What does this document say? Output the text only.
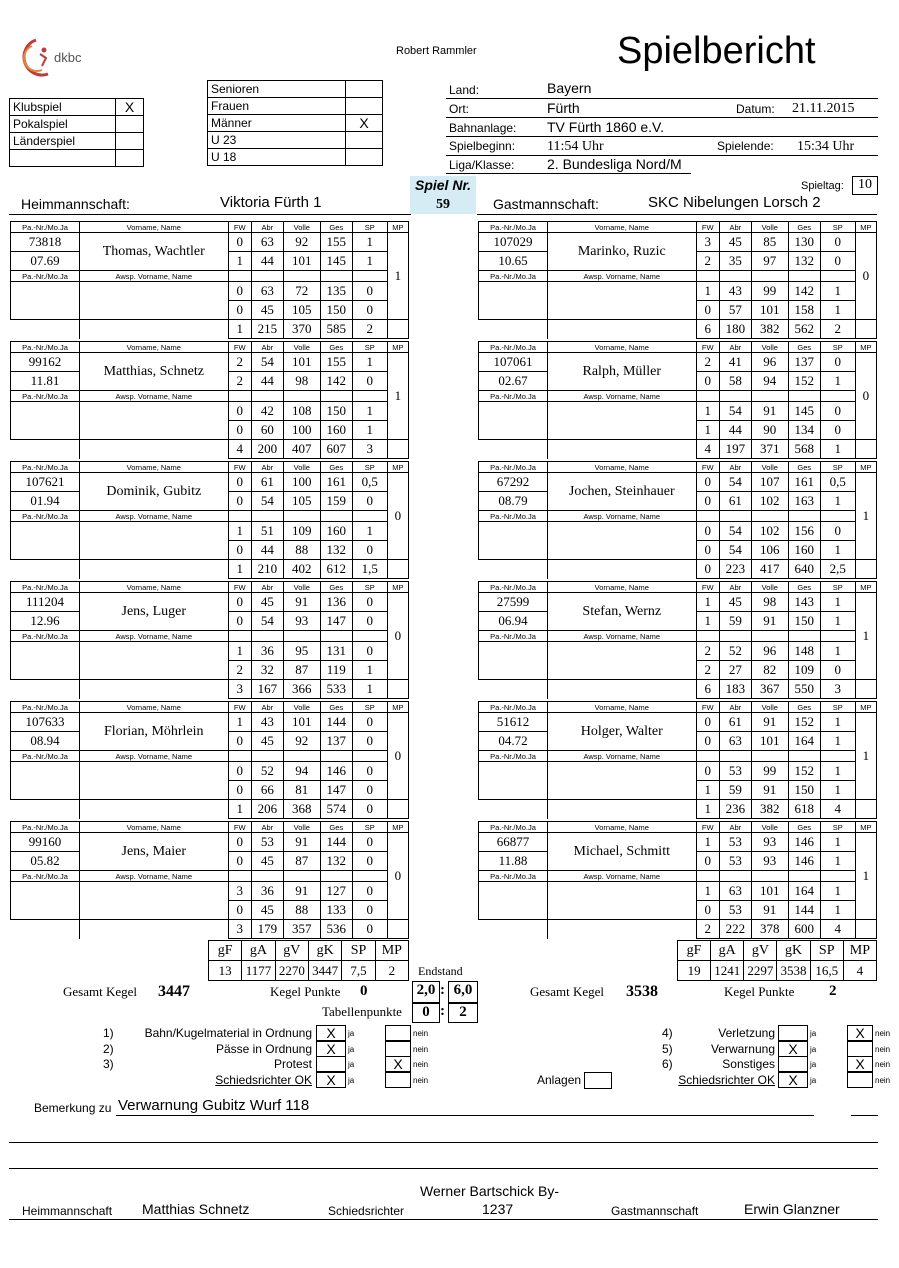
dkbc	Robert Rammler	Spielbericht
Klubspiel	X
Pokalspiel	
Länderspiel	

Senioren	
Frauen	
Männer	X
U 23	
U 18	
Land:	Bayern
Ort:	Fürth	Datum: 21.11.2015
Bahnanlage: TV Fürth 1860 e.V.
Spielbeginn: 11:54 Uhr	Spielende: 15:34 Uhr
Liga/Klasse: 2. Bundesliga Nord/M
Spieltag:	10
Heimmannschaft:	Viktoria Fürth 1
Spiel Nr.
59	Gastmannschaft:	SKC Nibelungen Lorsch 2
Pa.-Nr./Mo.Ja	Vorname, Name	FW	Abr	Volle	Ges	SP	MP
73818	Thomas, Wachtler	0	63	92	155	1	1
07.69		1	44	101	145	1	
Pa.-Nr./Mo.Ja	Awsp. Vorname, Name						
		0	63	72	135	0	
		0	45	105	150	0	
		1	215	370	585	2	
Pa.-Nr./Mo.Ja	Vorname, Name	FW	Abr	Volle	Ges	SP	MP
99162	Matthias, Schnetz	2	54	101	155	1	1
11.81		2	44	98	142	0	
Pa.-Nr./Mo.Ja	Awsp. Vorname, Name						
		0	42	108	150	1	
		0	60	100	160	1	
		4	200	407	607	3	
Pa.-Nr./Mo.Ja	Vorname, Name	FW	Abr	Volle	Ges	SP	MP
107621	Dominik, Gubitz	0	61	100	161	0,5	0
01.94		0	54	105	159	0	
Pa.-Nr./Mo.Ja	Awsp. Vorname, Name						
		1	51	109	160	1	
		0	44	88	132	0	
		1	210	402	612	1,5	
Pa.-Nr./Mo.Ja	Vorname, Name	FW	Abr	Volle	Ges	SP	MP
111204	Jens, Luger	0	45	91	136	0	0
12.96		0	54	93	147	0	
Pa.-Nr./Mo.Ja	Awsp. Vorname, Name						
		1	36	95	131	0	
		2	32	87	119	1	
		3	167	366	533	1	
Pa.-Nr./Mo.Ja	Vorname, Name	FW	Abr	Volle	Ges	SP	MP
107633	Florian, Möhrlein	1	43	101	144	0	0
08.94		0	45	92	137	0	
Pa.-Nr./Mo.Ja	Awsp. Vorname, Name						
		0	52	94	146	0	
		0	66	81	147	0	
		1	206	368	574	0	
Pa.-Nr./Mo.Ja	Vorname, Name	FW	Abr	Volle	Ges	SP	MP
99160	Jens, Maier	0	53	91	144	0	0
05.82		0	45	87	132	0	
Pa.-Nr./Mo.Ja	Awsp. Vorname, Name						
		3	36	91	127	0	
		0	45	88	133	0	
		3	179	357	536	0	
Pa.-Nr./Mo.Ja	Vorname, Name	FW	Abr	Volle	Ges	SP	MP
107029	Marinko, Ruzic	3	45	85	130	0	0
10.65		2	35	97	132	0	
Pa.-Nr./Mo.Ja	Awsp. Vorname, Name						
		1	43	99	142	1	
		0	57	101	158	1	
		6	180	382	562	2	
Pa.-Nr./Mo.Ja	Vorname, Name	FW	Abr	Volle	Ges	SP	MP
107061	Ralph, Müller	2	41	96	137	0	0
02.67		0	58	94	152	1	
Pa.-Nr./Mo.Ja	Awsp. Vorname, Name						
		1	54	91	145	0	
		1	44	90	134	0	
		4	197	371	568	1	
Pa.-Nr./Mo.Ja	Vorname, Name	FW	Abr	Volle	Ges	SP	MP
67292	Jochen, Steinhauer	0	54	107	161	0,5	1
08.79		0	61	102	163	1	
Pa.-Nr./Mo.Ja	Awsp. Vorname, Name						
		0	54	102	156	0	
		0	54	106	160	1	
		0	223	417	640	2,5	
Pa.-Nr./Mo.Ja	Vorname, Name	FW	Abr	Volle	Ges	SP	MP
27599	Stefan, Wernz	1	45	98	143	1	1
06.94		1	59	91	150	1	
Pa.-Nr./Mo.Ja	Awsp. Vorname, Name						
		2	52	96	148	1	
		2	27	82	109	0	
		6	183	367	550	3	
Pa.-Nr./Mo.Ja	Vorname, Name	FW	Abr	Volle	Ges	SP	MP
51612	Holger, Walter	0	61	91	152	1	1
04.72		0	63	101	164	1	
Pa.-Nr./Mo.Ja	Awsp. Vorname, Name						
		0	53	99	152	1	
		1	59	91	150	1	
		1	236	382	618	4	
Pa.-Nr./Mo.Ja	Vorname, Name	FW	Abr	Volle	Ges	SP	MP
66877	Michael, Schmitt	1	53	93	146	1	1
11.88		0	53	93	146	1	
Pa.-Nr./Mo.Ja	Awsp. Vorname, Name						
		1	63	101	164	1	
		0	53	91	144	1	
		2	222	378	600	4	
gF	gA	gV	gK	SP	MP
13	1177	2270	3447	7,5	2
gF	gA	gV	gK	SP	MP
19	1241	2297	3538	16,5	4
Endstand
Gesamt Kegel 3447	Kegel Punkte 0	2,0 : 6,0
Tabellenpunkte	0 : 2
Gesamt Kegel 3538	Kegel Punkte 2
1)	Bahn/Kugelmaterial in Ordnung	X	ja	nein
2)	Pässe in Ordnung	X	ja	nein
3)	Protest	ja	X	nein
Schiedsrichter OK	X	ja	nein
4)	Verletzung	ja	X	nein
5)	Verwarnung X	ja	nein
6)	Sonstiges	ja	X	nein
Schiedsrichter OK X	ja	nein
Anlagen
Bemerkung zu Verwarnung Gubitz Wurf 118
Werner Bartschick By-
Heimmannschaft Matthias Schnetz	Schiedsrichter	1237	Gastmannschaft	Erwin Glanzner
